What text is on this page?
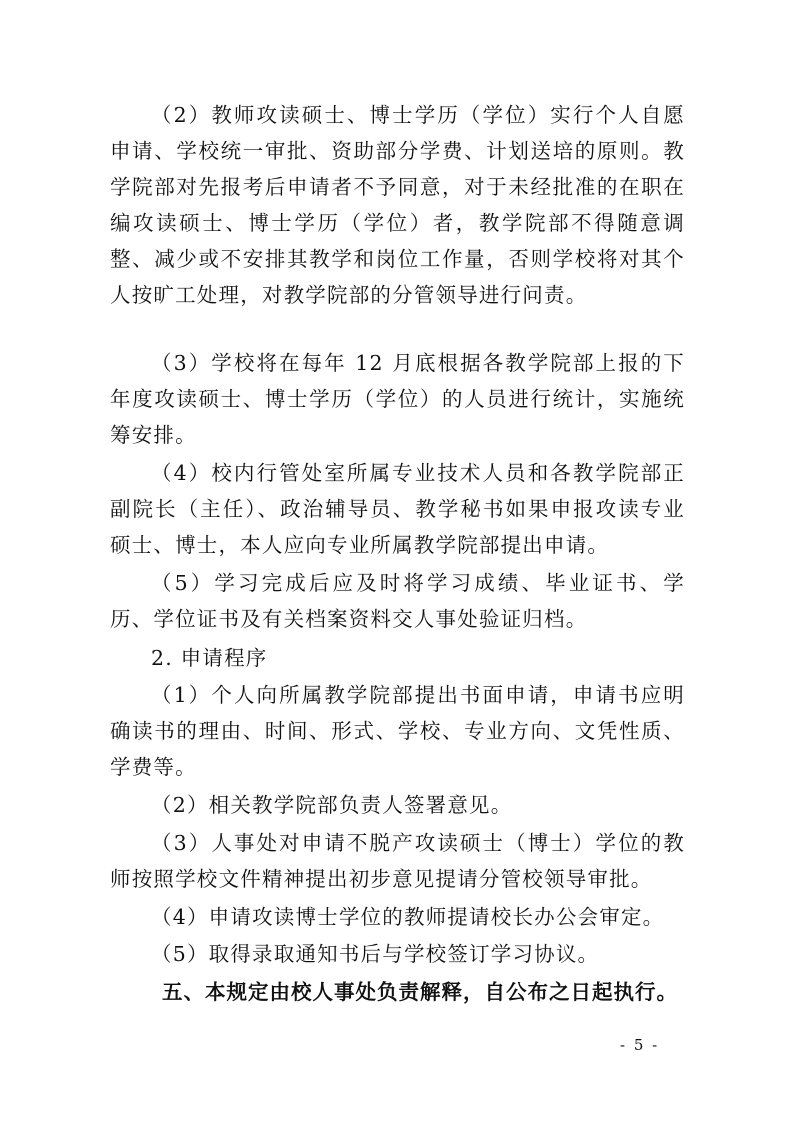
（2）教师攻读硕士、博士学历（学位）实行个人自愿申请、学校统一审批、资助部分学费、计划送培的原则。教学院部对先报考后申请者不予同意，对于未经批准的在职在编攻读硕士、博士学历（学位）者，教学院部不得随意调整、减少或不安排其教学和岗位工作量，否则学校将对其个人按旷工处理，对教学院部的分管领导进行问责。

（3）学校将在每年 12 月底根据各教学院部上报的下年度攻读硕士、博士学历（学位）的人员进行统计，实施统筹安排。

（4）校内行管处室所属专业技术人员和各教学院部正副院长（主任）、政治辅导员、教学秘书如果申报攻读专业硕士、博士，本人应向专业所属教学院部提出申请。

（5）学习完成后应及时将学习成绩、毕业证书、学历、学位证书及有关档案资料交人事处验证归档。

2. 申请程序

（1）个人向所属教学院部提出书面申请，申请书应明确读书的理由、时间、形式、学校、专业方向、文凭性质、学费等。

（2）相关教学院部负责人签署意见。

（3）人事处对申请不脱产攻读硕士（博士）学位的教师按照学校文件精神提出初步意见提请分管校领导审批。

（4）申请攻读博士学位的教师提请校长办公会审定。

（5）取得录取通知书后与学校签订学习协议。

五、本规定由校人事处负责解释，自公布之日起执行。

- 5 -
